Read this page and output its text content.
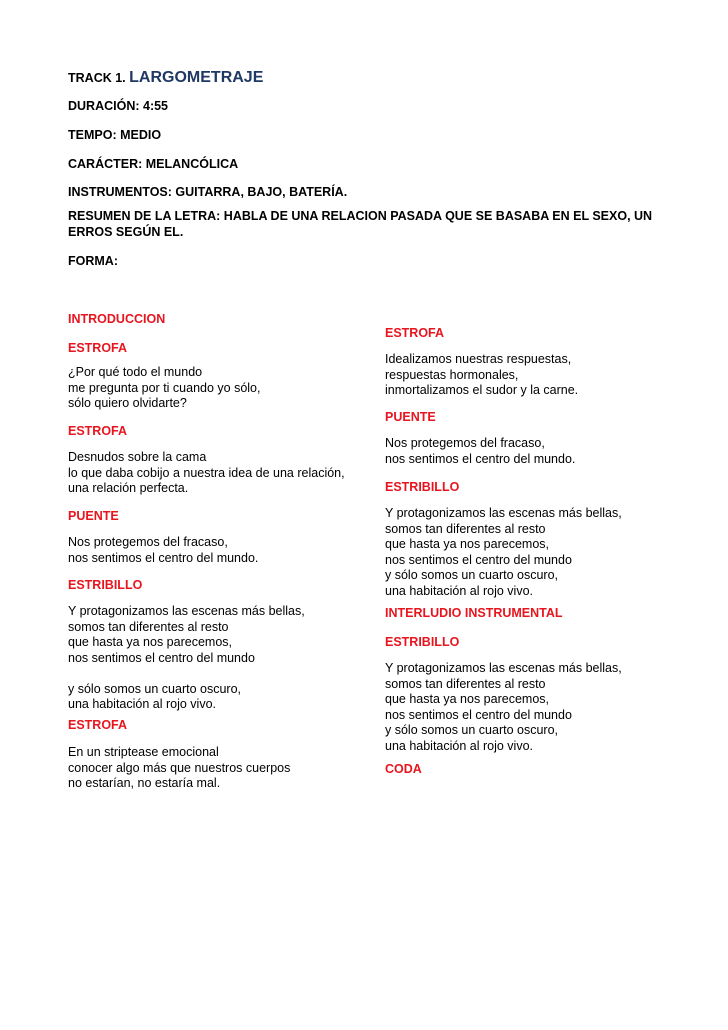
TRACK 1. LARGOMETRAJE
DURACIÓN: 4:55
TEMPO: MEDIO
CARÁCTER: MELANCÓLICA
INSTRUMENTOS: GUITARRA, BAJO, BATERÍA.
RESUMEN DE LA LETRA: HABLA DE UNA RELACION PASADA QUE SE BASABA EN EL SEXO, UN ERROS SEGÚN EL.
FORMA:
INTRODUCCION
ESTROFA
¿Por qué todo el mundo
me pregunta por ti cuando yo sólo,
sólo quiero olvidarte?
ESTROFA
Desnudos sobre la cama
lo que daba cobijo a nuestra idea de una relación,
una relación perfecta.
PUENTE
Nos protegemos del fracaso,
nos sentimos el centro del mundo.
ESTRIBILLO
Y protagonizamos las escenas más bellas,
somos tan diferentes al resto
que hasta ya nos parecemos,
nos sentimos el centro del mundo

y sólo somos un cuarto oscuro,
una habitación al rojo vivo.
ESTROFA
En un striptease emocional
conocer algo más que nuestros cuerpos
no estarían, no estaría mal.
ESTROFA
Idealizamos nuestras respuestas,
respuestas hormonales,
inmortalizamos el sudor y la carne.
PUENTE
Nos protegemos del fracaso,
nos sentimos el centro del mundo.
ESTRIBILLO
Y protagonizamos las escenas más bellas,
somos tan diferentes al resto
que hasta ya nos parecemos,
nos sentimos el centro del mundo
y sólo somos un cuarto oscuro,
una habitación al rojo vivo.
INTERLUDIO INSTRUMENTAL
ESTRIBILLO
Y protagonizamos las escenas más bellas,
somos tan diferentes al resto
que hasta ya nos parecemos,
nos sentimos el centro del mundo
y sólo somos un cuarto oscuro,
una habitación al rojo vivo.
CODA
